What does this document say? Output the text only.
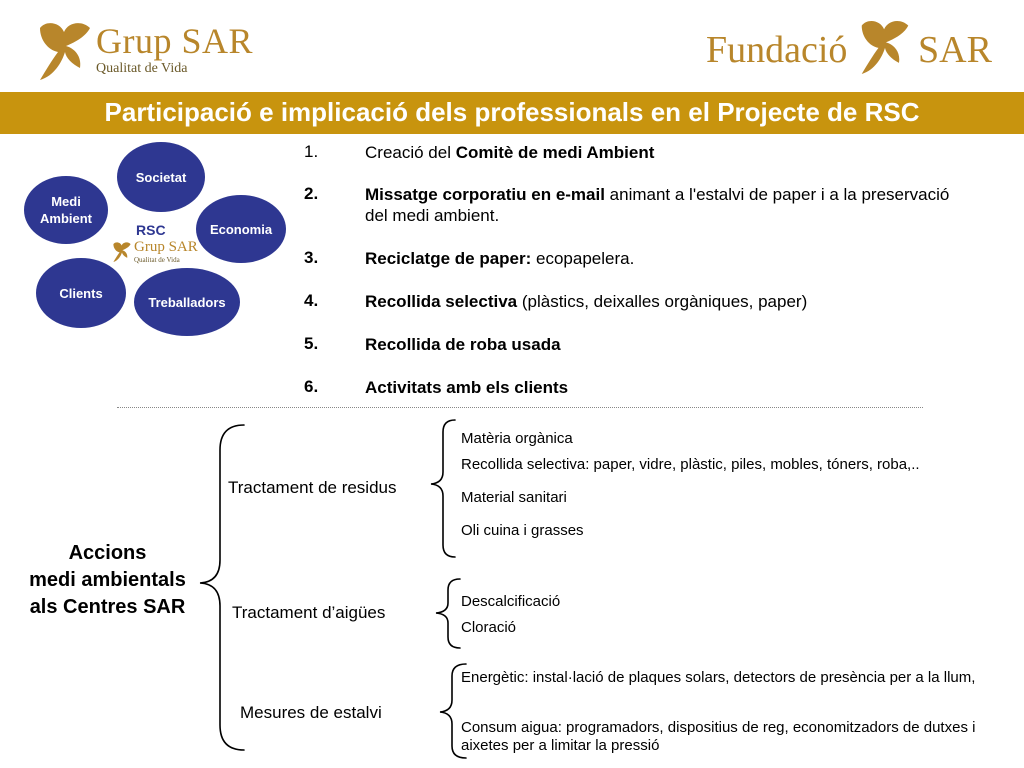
Grup SAR
Qualitat de Vida	Fundació SAR
Participació e implicació dels professionals en el Projecte de RSC
Societat
Medi Ambient
Economia
Clients
Treballadors
RSC
Grup SAR
Qualitat de Vida
1.	Creació del Comitè de medi Ambient
2.	Missatge corporatiu en e-mail animant a l'estalvi de paper i a la preservació del medi ambient.
3.	Reciclatge de paper: ecopapelera.
4.	Recollida selectiva (plàstics, deixalles orgàniques, paper)
5.	Recollida de roba usada
6.	Activitats amb els clients
Accions
medi ambientals
als Centres SAR
Tractament de residus
Tractament d’aigües
Mesures de estalvi
Matèria orgànica
Recollida selectiva: paper, vidre, plàstic, piles, mobles, tóners, roba,..
Material sanitari
Oli cuina i grasses
Descalcificació
Cloració
Energètic: instal·lació de plaques solars, detectors de presència per a la llum,
Consum aigua: programadors, dispositius de reg, economitzadors de dutxes i aixetes per a limitar la pressió
